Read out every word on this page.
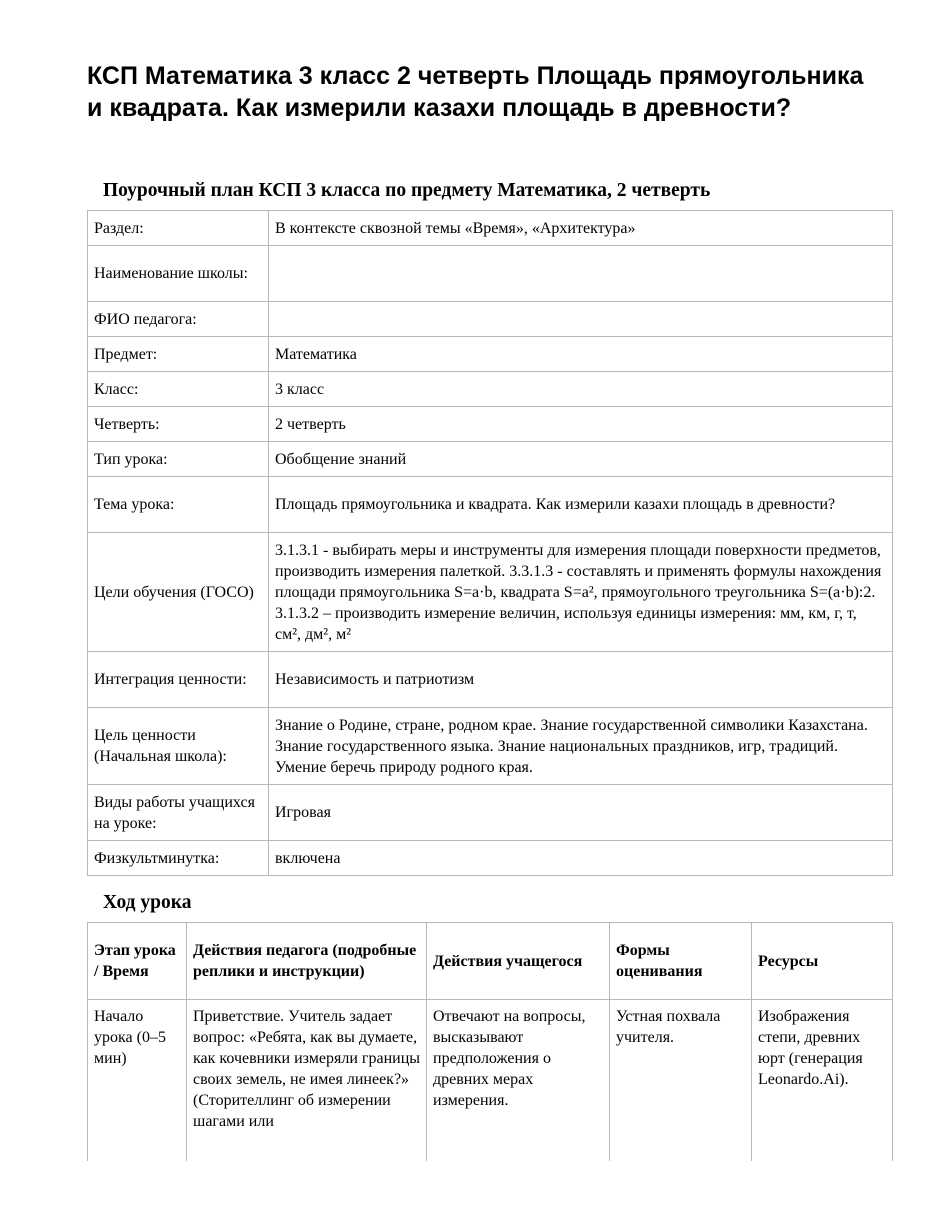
КСП Математика 3 класс 2 четверть Площадь прямоугольника и квадрата. Как измерили казахи площадь в древности?
Поурочный план КСП 3 класса по предмету Математика, 2 четверть
Раздел:	В контексте сквозной темы «Время», «Архитектура»
Наименование школы:	
ФИО педагога:	
Предмет:	Математика
Класс:	3 класс
Четверть:	2 четверть
Тип урока:	Обобщение знаний
Тема урока:	Площадь прямоугольника и квадрата. Как измерили казахи площадь в древности?
Цели обучения (ГОСО)	3.1.3.1 - выбирать меры и инструменты для измерения площади поверхности предметов, производить измерения палеткой. 3.3.1.3 - составлять и применять формулы нахождения площади прямоугольника S=a·b, квадрата S=a², прямоугольного треугольника S=(a·b):2. 3.1.3.2 – производить измерение величин, используя единицы измерения: мм, км, г, т, см², дм², м²
Интеграция ценности:	Независимость и патриотизм
Цель ценности (Начальная школа):	Знание о Родине, стране, родном крае. Знание государственной символики Казахстана. Знание государственного языка. Знание национальных праздников, игр, традиций. Умение беречь природу родного края.
Виды работы учащихся на уроке:	Игровая
Физкультминутка:	включена
Ход урока
Этап урока / Время	Действия педагога (подробные реплики и инструкции)	Действия учащегося	Формы оценивания	Ресурсы
Начало урока (0–5 мин)	Приветствие. Учитель задает вопрос: «Ребята, как вы думаете, как кочевники измеряли границы своих земель, не имея линеек?» (Сторителлинг об измерении шагами или	Отвечают на вопросы, высказывают предположения о древних мерах измерения.	Устная похвала учителя.	Изображения степи, древних юрт (генерация Leonardo.Ai).
